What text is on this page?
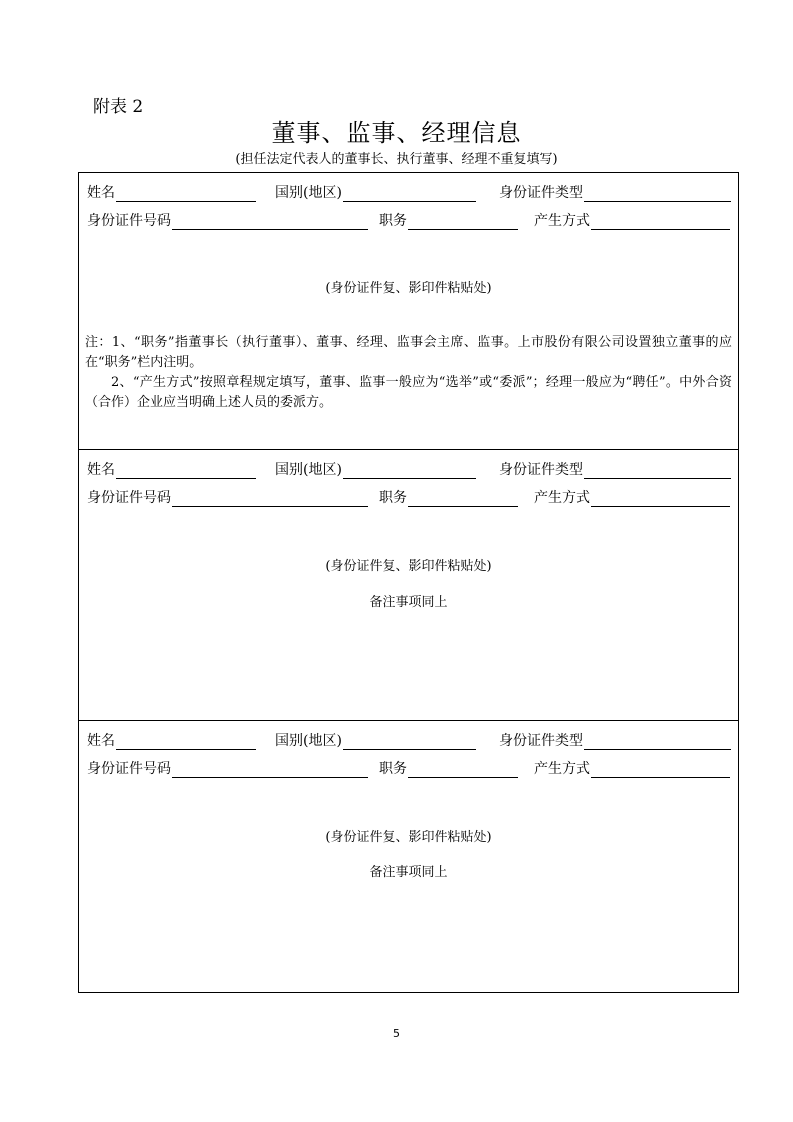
附表 2
董事、监事、经理信息
(担任法定代表人的董事长、执行董事、经理不重复填写)
姓名	国别(地区)	身份证件类型
身份证件号码	职务	产生方式
(身份证件复、影印件粘贴处)

注：1、“职务”指董事长（执行董事）、董事、经理、监事会主席、监事。上市股份有限公司设置独立董事的应在“职务”栏内注明。

2、“产生方式”按照章程规定填写，董事、监事一般应为“选举”或“委派”；经理一般应为“聘任”。中外合资（合作）企业应当明确上述人员的委派方。

姓名	国别(地区)	身份证件类型
身份证件号码	职务	产生方式
(身份证件复、影印件粘贴处)
备注事项同上
姓名	国别(地区)	身份证件类型
身份证件号码	职务	产生方式
(身份证件复、影印件粘贴处)
备注事项同上
5
